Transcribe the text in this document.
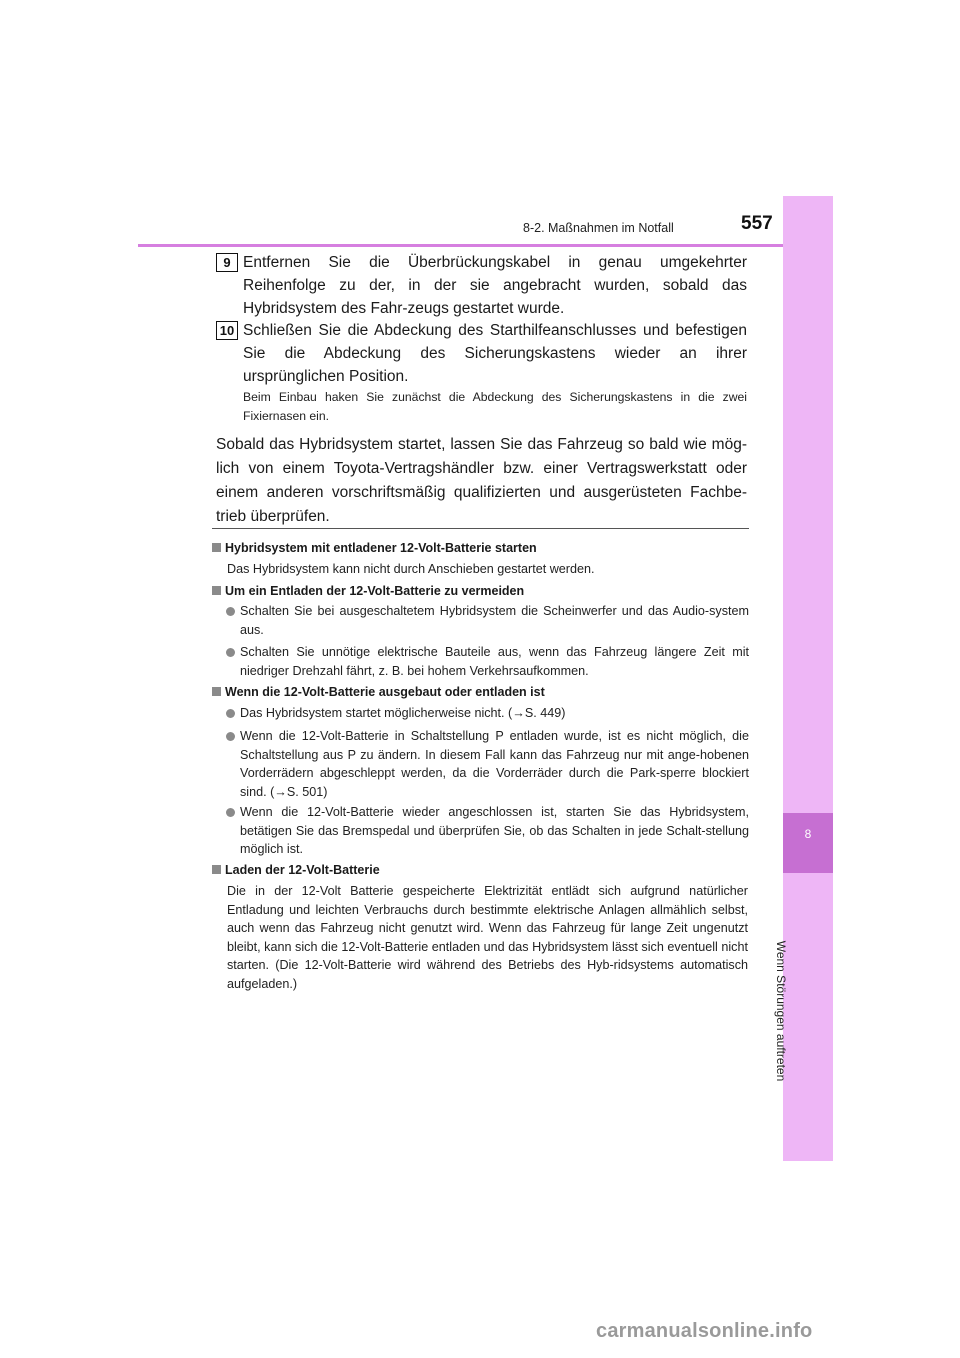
8-2. Maßnahmen im Notfall	557
8
Wenn Störungen auftreten
9 Entfernen Sie die Überbrückungskabel in genau umgekehrter Reihenfolge zu der, in der sie angebracht wurden, sobald das Hybridsystem des Fahr-zeugs gestartet wurde.
10 Schließen Sie die Abdeckung des Starthilfeanschlusses und befestigen Sie die Abdeckung des Sicherungskastens wieder an ihrer ursprünglichen Position.
Beim Einbau haken Sie zunächst die Abdeckung des Sicherungskastens in die zwei Fixiernasen ein.
Sobald das Hybridsystem startet, lassen Sie das Fahrzeug so bald wie mög-lich von einem Toyota-Vertragshändler bzw. einer Vertragswerkstatt oder einem anderen vorschriftsmäßig qualifizierten und ausgerüsteten Fachbe-trieb überprüfen.
Hybridsystem mit entladener 12-Volt-Batterie starten
Das Hybridsystem kann nicht durch Anschieben gestartet werden.
Um ein Entladen der 12-Volt-Batterie zu vermeiden
Schalten Sie bei ausgeschaltetem Hybridsystem die Scheinwerfer und das Audio-system aus.
Schalten Sie unnötige elektrische Bauteile aus, wenn das Fahrzeug längere Zeit mit niedriger Drehzahl fährt, z. B. bei hohem Verkehrsaufkommen.
Wenn die 12-Volt-Batterie ausgebaut oder entladen ist
Das Hybridsystem startet möglicherweise nicht. (→S. 449)
Wenn die 12-Volt-Batterie in Schaltstellung P entladen wurde, ist es nicht möglich, die Schaltstellung aus P zu ändern. In diesem Fall kann das Fahrzeug nur mit ange-hobenen Vorderrädern abgeschleppt werden, da die Vorderräder durch die Park-sperre blockiert sind. (→S. 501)
Wenn die 12-Volt-Batterie wieder angeschlossen ist, starten Sie das Hybridsystem, betätigen Sie das Bremspedal und überprüfen Sie, ob das Schalten in jede Schalt-stellung möglich ist.
Laden der 12-Volt-Batterie
Die in der 12-Volt Batterie gespeicherte Elektrizität entlädt sich aufgrund natürlicher Entladung und leichten Verbrauchs durch bestimmte elektrische Anlagen allmählich selbst, auch wenn das Fahrzeug nicht genutzt wird. Wenn das Fahrzeug für lange Zeit ungenutzt bleibt, kann sich die 12-Volt-Batterie entladen und das Hybridsystem lässt sich eventuell nicht starten. (Die 12-Volt-Batterie wird während des Betriebs des Hyb-ridsystems automatisch aufgeladen.)
carmanualsonline.info
